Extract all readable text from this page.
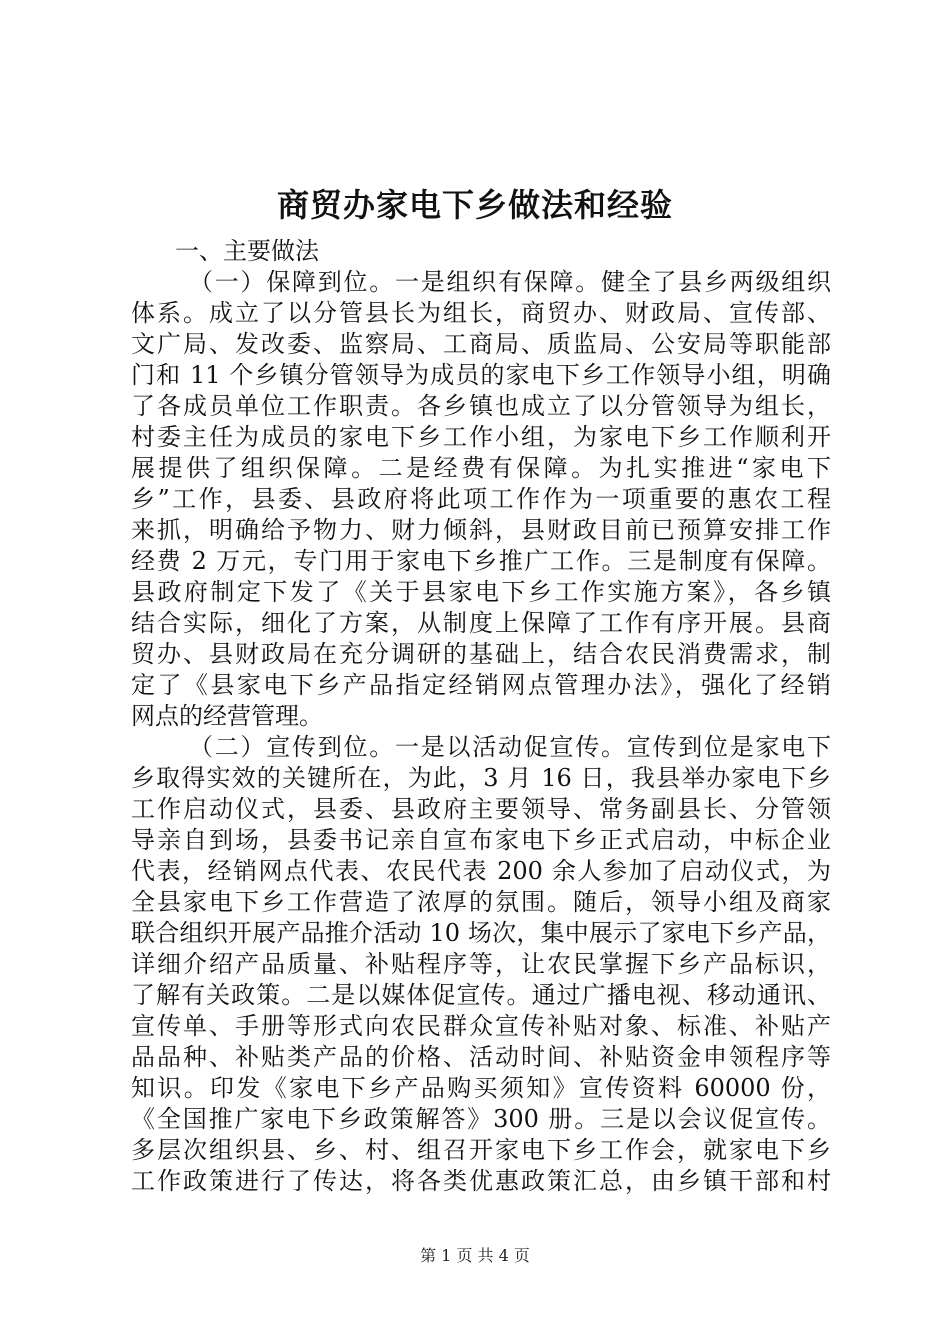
商贸办家电下乡做法和经验
一、主要做法
（一）保障到位。一是组织有保障。健全了县乡两级组织
体系。成立了以分管县长为组长，商贸办、财政局、宣传部、
文广局、发改委、监察局、工商局、质监局、公安局等职能部
门和 11 个乡镇分管领导为成员的家电下乡工作领导小组，明确
了各成员单位工作职责。各乡镇也成立了以分管领导为组长，
村委主任为成员的家电下乡工作小组，为家电下乡工作顺利开
展提供了组织保障。二是经费有保障。为扎实推进“家电下
乡”工作，县委、县政府将此项工作作为一项重要的惠农工程
来抓，明确给予物力、财力倾斜，县财政目前已预算安排工作
经费 2 万元，专门用于家电下乡推广工作。三是制度有保障。
县政府制定下发了《关于县家电下乡工作实施方案》，各乡镇
结合实际，细化了方案，从制度上保障了工作有序开展。县商
贸办、县财政局在充分调研的基础上，结合农民消费需求，制
定了《县家电下乡产品指定经销网点管理办法》，强化了经销
网点的经营管理。
（二）宣传到位。一是以活动促宣传。宣传到位是家电下
乡取得实效的关键所在，为此，3 月 16 日，我县举办家电下乡
工作启动仪式，县委、县政府主要领导、常务副县长、分管领
导亲自到场，县委书记亲自宣布家电下乡正式启动，中标企业
代表，经销网点代表、农民代表 200 余人参加了启动仪式，为
全县家电下乡工作营造了浓厚的氛围。随后，领导小组及商家
联合组织开展产品推介活动 10 场次，集中展示了家电下乡产品，
详细介绍产品质量、补贴程序等，让农民掌握下乡产品标识，
了解有关政策。二是以媒体促宣传。通过广播电视、移动通讯、
宣传单、手册等形式向农民群众宣传补贴对象、标准、补贴产
品品种、补贴类产品的价格、活动时间、补贴资金申领程序等
知识。印发《家电下乡产品购买须知》宣传资料 60000 份，
《全国推广家电下乡政策解答》300 册。三是以会议促宣传。
多层次组织县、乡、村、组召开家电下乡工作会，就家电下乡
工作政策进行了传达，将各类优惠政策汇总，由乡镇干部和村
第 1 页 共 4 页
